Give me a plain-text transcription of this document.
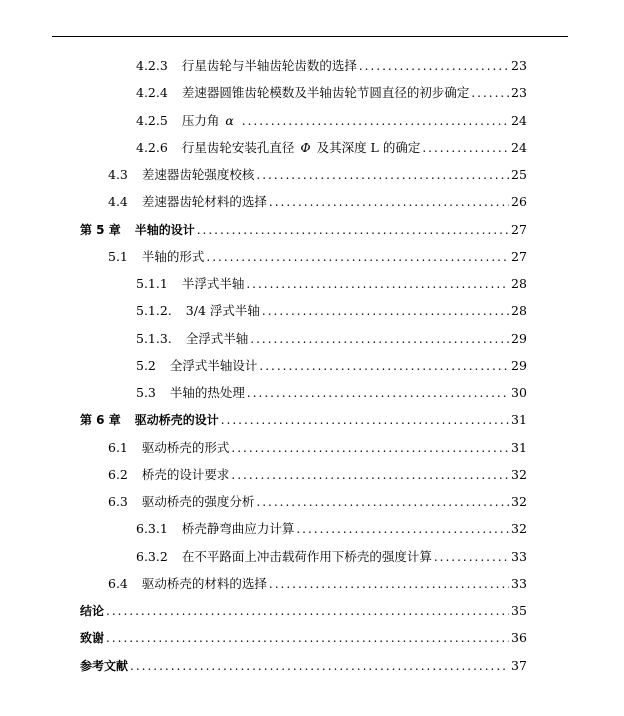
4.2.3 行星齿轮与半轴齿轮齿数的选择 .....	23
4.2.4 差速器圆锥齿轮模数及半轴齿轮节圆直径的初步确定 .....	23
4.2.5 压力角 α .....	24
4.2.6 行星齿轮安装孔直径 Φ 及其深度 L 的确定 .....	24
4.3 差速器齿轮强度校核 .....	25
4.4 差速器齿轮材料的选择 .....	26
第 5 章 半轴的设计 .....	27
5.1 半轴的形式 .....	27
5.1.1 半浮式半轴 .....	28
5.1.2. 3/4 浮式半轴 .....	28
5.1.3. 全浮式半轴 .....	29
5.2 全浮式半轴设计 .....	29
5.3 半轴的热处理 .....	30
第 6 章 驱动桥壳的设计 .....	31
6.1 驱动桥壳的形式 .....	31
6.2 桥壳的设计要求 .....	32
6.3 驱动桥壳的强度分析 .....	32
6.3.1 桥壳静弯曲应力计算 .....	32
6.3.2 在不平路面上冲击载荷作用下桥壳的强度计算 .....	33
6.4 驱动桥壳的材料的选择 .....	33
结论 .....	35
致谢 .....	36
参考文献 .....	37
